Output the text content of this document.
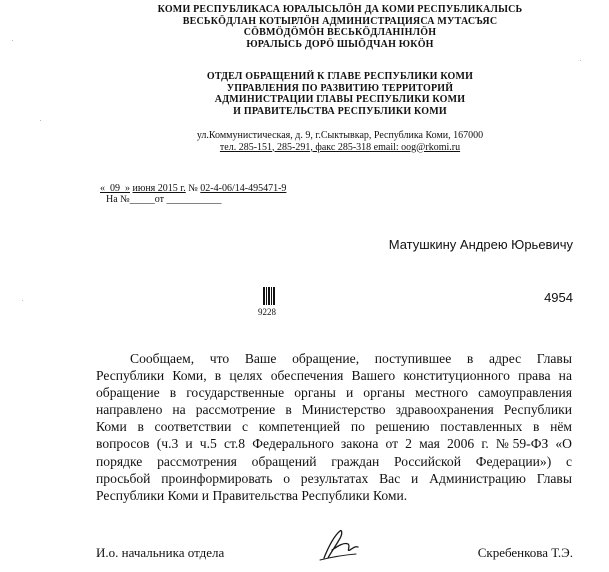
КОМИ РЕСПУБЛИКАСА ЮРАЛЫСЬЛÖН ДА КОМИ РЕСПУБЛИКАЛЫСЬ
ВЕСЬКÖДЛАН КОТЫРЛÖН АДМИНИСТРАЦИЯСА МУТАСЪЯС
СÖВМÖДÖМÖН ВЕСЬКÖДЛАНІНЛÖН
ЮРАЛЫСЬ ДОРÖ ШЫÖДЧАН ЮКÖН
ОТДЕЛ ОБРАЩЕНИЙ К ГЛАВЕ РЕСПУБЛИКИ КОМИ
УПРАВЛЕНИЯ ПО РАЗВИТИЮ ТЕРРИТОРИЙ
АДМИНИСТРАЦИИ ГЛАВЫ РЕСПУБЛИКИ КОМИ
И ПРАВИТЕЛЬСТВА РЕСПУБЛИКИ КОМИ
ул.Коммунистическая, д. 9, г.Сыктывкар, Республика Коми, 167000
тел. 285-151, 285-291, факс 285-318 email: oog@rkomi.ru
«_09_» июня 2015 г. № 02-4-06/14-495471-9
На №_____от ___________
Матушкину Андрею Юрьевичу
9228
4954
Сообщаем, что Ваше обращение, поступившее в адрес Главы
Республики Коми, в целях обеспечения Вашего конституционного права на
обращение в государственные органы и органы местного самоуправления
направлено на рассмотрение в Министерство здравоохранения Республики
Коми в соответствии с компетенцией по решению поставленных в нём
вопросов (ч.3 и ч.5 ст.8 Федерального закона от 2 мая 2006 г. №59-ФЗ «О
порядке рассмотрения обращений граждан Российской Федерации») с
просьбой проинформировать о результатах Вас и Администрацию Главы
Республики Коми и Правительства Республики Коми.
И.о. начальника отдела	Скребенкова Т.Э.
